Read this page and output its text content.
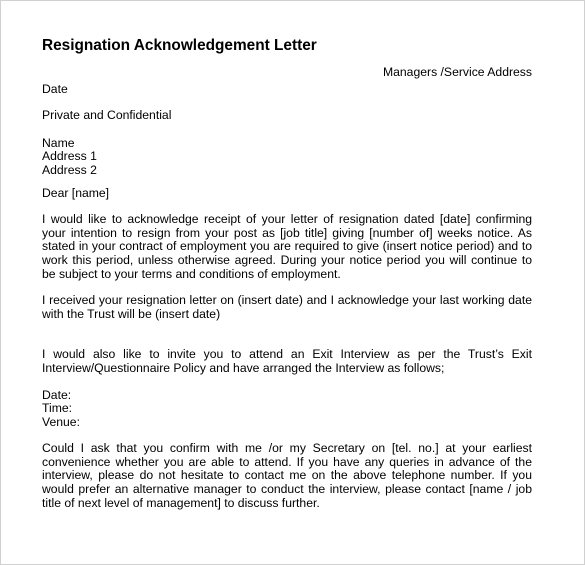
Resignation Acknowledgement Letter
Managers /Service Address

Date

Private and Confidential

Name
Address 1
Address 2

Dear [name]

I would like to acknowledge receipt of your letter of resignation dated [date] confirming your intention to resign from your post as [job title] giving [number of] weeks notice. As stated in your contract of employment you are required to give (insert notice period) and to work this period, unless otherwise agreed. During your notice period you will continue to be subject to your terms and conditions of employment.

I received your resignation letter on (insert date) and I acknowledge your last working date with the Trust will be (insert date)

I would also like to invite you to attend an Exit Interview as per the Trust’s Exit Interview/Questionnaire Policy and have arranged the Interview as follows;

Date:
Time:
Venue:

Could I ask that you confirm with me /or my Secretary on [tel. no.] at your earliest convenience whether you are able to attend. If you have any queries in advance of the interview, please do not hesitate to contact me on the above telephone number. If you would prefer an alternative manager to conduct the interview, please contact [name / job title of next level of management] to discuss further.
